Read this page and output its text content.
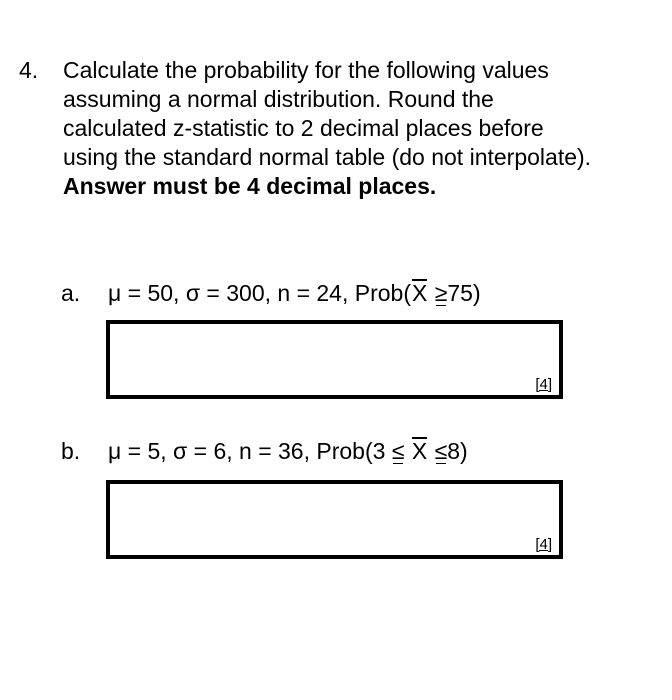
4. Calculate the probability for the following values
assuming a normal distribution. Round the
calculated z-statistic to 2 decimal places before
using the standard normal table (do not interpolate).
Answer must be 4 decimal places.
a. μ = 50, σ = 300, n = 24, Prob(X ≥75)
[4]
b. μ = 5, σ = 6, n = 36, Prob(3 ≤ X ≤8)
[4]
